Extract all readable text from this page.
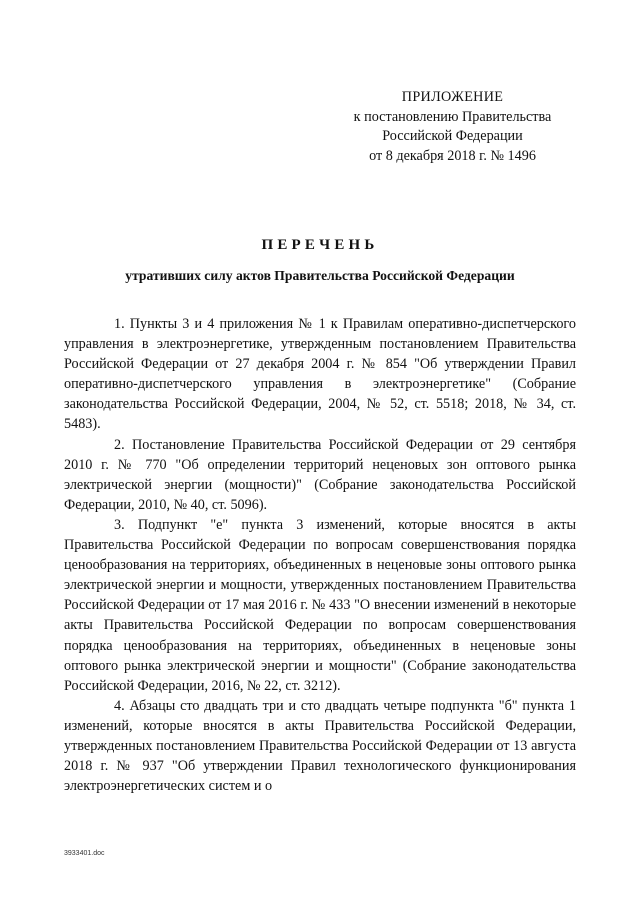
ПРИЛОЖЕНИЕ
к постановлению Правительства
Российской Федерации
от 8 декабря 2018 г. № 1496
ПЕРЕЧЕНЬ
утративших силу актов Правительства Российской Федерации

1. Пункты 3 и 4 приложения № 1 к Правилам оперативно-диспетчерского управления в электроэнергетике, утвержденным постановлением Правительства Российской Федерации от 27 декабря 2004 г. № 854 "Об утверждении Правил оперативно-диспетчерского управления в электроэнергетике" (Собрание законодательства Российской Федерации, 2004, № 52, ст. 5518; 2018, № 34, ст. 5483).

2. Постановление Правительства Российской Федерации от 29 сентября 2010 г. № 770 "Об определении территорий неценовых зон оптового рынка электрической энергии (мощности)" (Собрание законодательства Российской Федерации, 2010, № 40, ст. 5096).

3. Подпункт "е" пункта 3 изменений, которые вносятся в акты Правительства Российской Федерации по вопросам совершенствования порядка ценообразования на территориях, объединенных в неценовые зоны оптового рынка электрической энергии и мощности, утвержденных постановлением Правительства Российской Федерации от 17 мая 2016 г. № 433 "О внесении изменений в некоторые акты Правительства Российской Федерации по вопросам совершенствования порядка ценообразования на территориях, объединенных в неценовые зоны оптового рынка электрической энергии и мощности" (Собрание законодательства Российской Федерации, 2016, № 22, ст. 3212).

4. Абзацы сто двадцать три и сто двадцать четыре подпункта "б" пункта 1 изменений, которые вносятся в акты Правительства Российской Федерации, утвержденных постановлением Правительства Российской Федерации от 13 августа 2018 г. № 937 "Об утверждении Правил технологического функционирования электроэнергетических систем и о

3933401.doc
